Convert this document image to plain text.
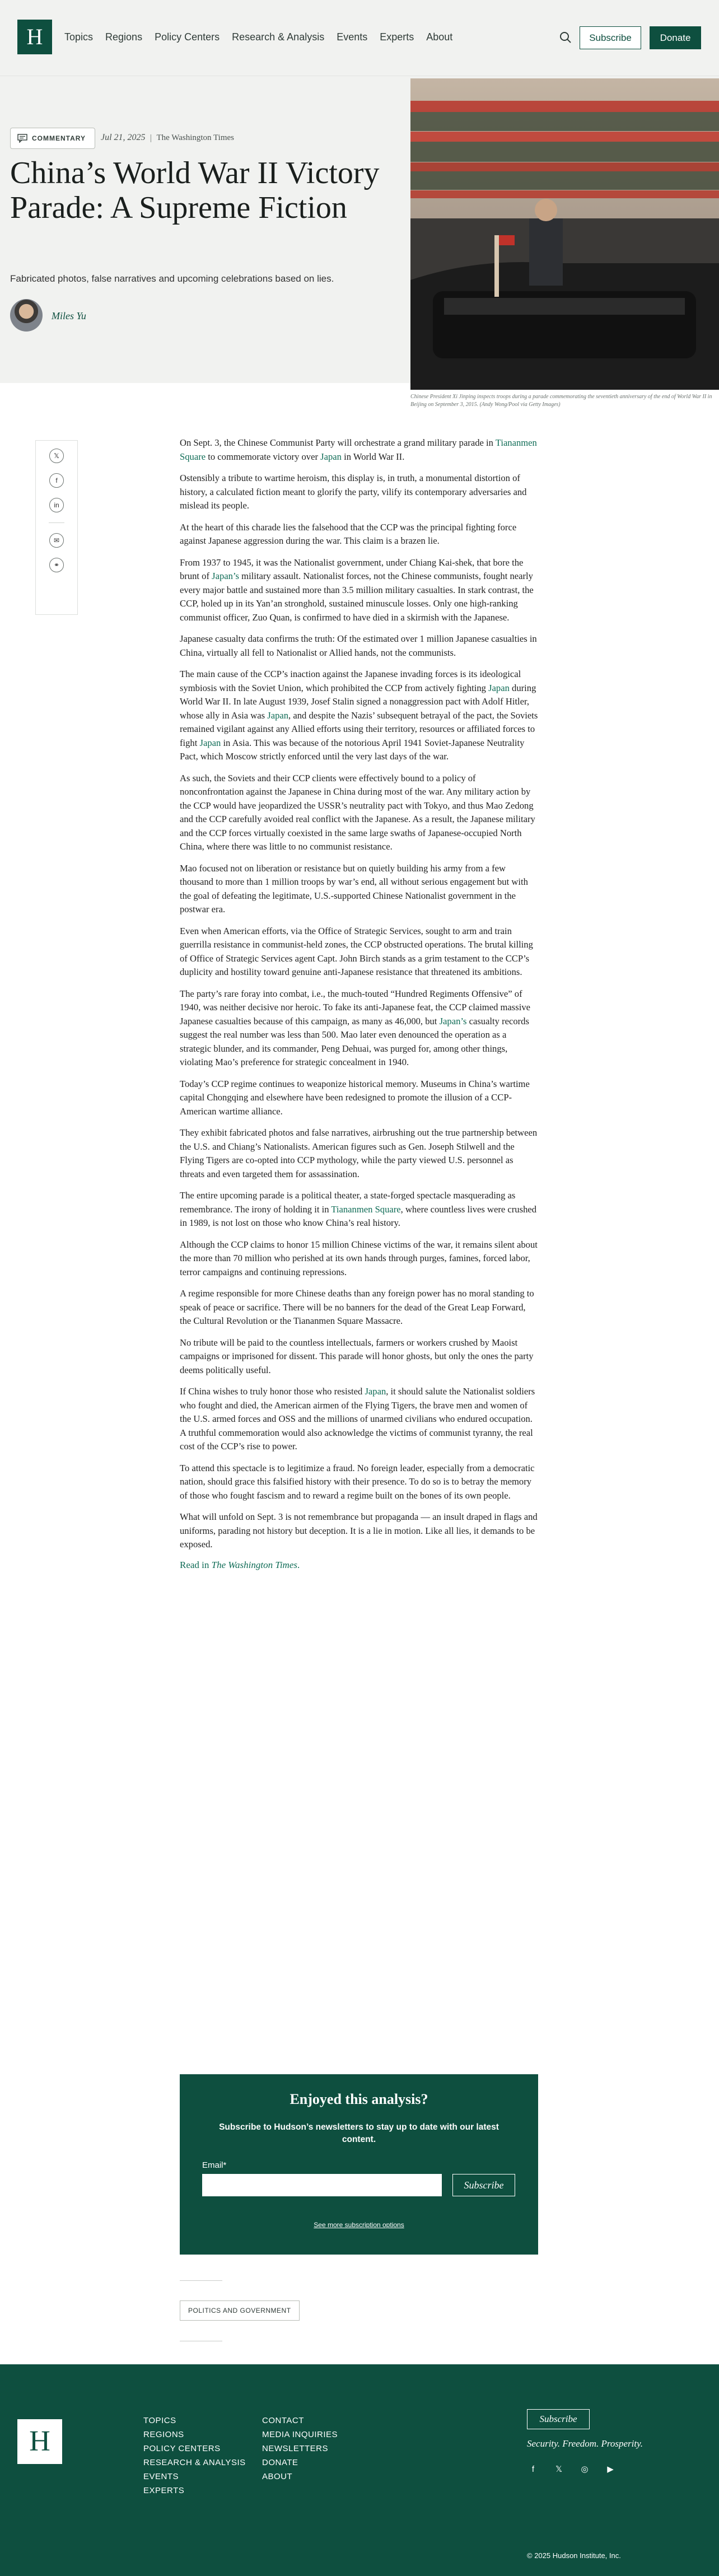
H Topics Regions Policy Centers Research & Analysis Events Experts About	Subscribe	Donate
COMMENTARY Jul 21, 2025 | The Washington Times
China’s World War II Victory Parade: A Supreme Fiction

Fabricated photos, false narratives and upcoming celebrations based on lies.

Miles Yu

Chinese President Xi Jinping inspects troops during a parade commemorating the seventieth anniversary of the end of World War II in Beijing on September 3, 2015. (Andy Wong/Pool via Getty Images)

𝕏
f
in
✉
⚭

On Sept. 3, the Chinese Communist Party will orchestrate a grand military parade in Tiananmen Square to commemorate victory over Japan in World War II.

Ostensibly a tribute to wartime heroism, this display is, in truth, a monumental distortion of history, a calculated fiction meant to glorify the party, vilify its contemporary adversaries and mislead its people.

At the heart of this charade lies the falsehood that the CCP was the principal fighting force against Japanese aggression during the war. This claim is a brazen lie.

From 1937 to 1945, it was the Nationalist government, under Chiang Kai-shek, that bore the brunt of Japan’s military assault. Nationalist forces, not the Chinese communists, fought nearly every major battle and sustained more than 3.5 million military casualties. In stark contrast, the CCP, holed up in its Yan’an stronghold, sustained minuscule losses. Only one high-ranking communist officer, Zuo Quan, is confirmed to have died in a skirmish with the Japanese.

Japanese casualty data confirms the truth: Of the estimated over 1 million Japanese casualties in China, virtually all fell to Nationalist or Allied hands, not the communists.

The main cause of the CCP’s inaction against the Japanese invading forces is its ideological symbiosis with the Soviet Union, which prohibited the CCP from actively fighting Japan during World War II. In late August 1939, Josef Stalin signed a nonaggression pact with Adolf Hitler, whose ally in Asia was Japan, and despite the Nazis’ subsequent betrayal of the pact, the Soviets remained vigilant against any Allied efforts using their territory, resources or affiliated forces to fight Japan in Asia. This was because of the notorious April 1941 Soviet-Japanese Neutrality Pact, which Moscow strictly enforced until the very last days of the war.

As such, the Soviets and their CCP clients were effectively bound to a policy of nonconfrontation against the Japanese in China during most of the war. Any military action by the CCP would have jeopardized the USSR’s neutrality pact with Tokyo, and thus Mao Zedong and the CCP carefully avoided real conflict with the Japanese. As a result, the Japanese military and the CCP forces virtually coexisted in the same large swaths of Japanese-occupied North China, where there was little to no communist resistance.

Mao focused not on liberation or resistance but on quietly building his army from a few thousand to more than 1 million troops by war’s end, all without serious engagement but with the goal of defeating the legitimate, U.S.-supported Chinese Nationalist government in the postwar era.

Even when American efforts, via the Office of Strategic Services, sought to arm and train guerrilla resistance in communist-held zones, the CCP obstructed operations. The brutal killing of Office of Strategic Services agent Capt. John Birch stands as a grim testament to the CCP’s duplicity and hostility toward genuine anti-Japanese resistance that threatened its ambitions.

The party’s rare foray into combat, i.e., the much-touted “Hundred Regiments Offensive” of 1940, was neither decisive nor heroic. To fake its anti-Japanese feat, the CCP claimed massive Japanese casualties because of this campaign, as many as 46,000, but Japan’s casualty records suggest the real number was less than 500. Mao later even denounced the operation as a strategic blunder, and its commander, Peng Dehuai, was purged for, among other things, violating Mao’s preference for strategic concealment in 1940.

Today’s CCP regime continues to weaponize historical memory. Museums in China’s wartime capital Chongqing and elsewhere have been redesigned to promote the illusion of a CCP-American wartime alliance.

They exhibit fabricated photos and false narratives, airbrushing out the true partnership between the U.S. and Chiang’s Nationalists. American figures such as Gen. Joseph Stilwell and the Flying Tigers are co-opted into CCP mythology, while the party viewed U.S. personnel as threats and even targeted them for assassination.

The entire upcoming parade is a political theater, a state-forged spectacle masquerading as remembrance. The irony of holding it in Tiananmen Square, where countless lives were crushed in 1989, is not lost on those who know China’s real history.

Although the CCP claims to honor 15 million Chinese victims of the war, it remains silent about the more than 70 million who perished at its own hands through purges, famines, forced labor, terror campaigns and continuing repressions.

A regime responsible for more Chinese deaths than any foreign power has no moral standing to speak of peace or sacrifice. There will be no banners for the dead of the Great Leap Forward, the Cultural Revolution or the Tiananmen Square Massacre.

No tribute will be paid to the countless intellectuals, farmers or workers crushed by Maoist campaigns or imprisoned for dissent. This parade will honor ghosts, but only the ones the party deems politically useful.

If China wishes to truly honor those who resisted Japan, it should salute the Nationalist soldiers who fought and died, the American airmen of the Flying Tigers, the brave men and women of the U.S. armed forces and OSS and the millions of unarmed civilians who endured occupation. A truthful commemoration would also acknowledge the victims of communist tyranny, the real cost of the CCP’s rise to power.

To attend this spectacle is to legitimize a fraud. No foreign leader, especially from a democratic nation, should grace this falsified history with their presence. To do so is to betray the memory of those who fought fascism and to reward a regime built on the bones of its own people.

What will unfold on Sept. 3 is not remembrance but propaganda — an insult draped in flags and uniforms, parading not history but deception. It is a lie in motion. Like all lies, it demands to be exposed.

Read in The Washington Times.
Enjoyed this analysis?

Subscribe to Hudson’s newsletters to stay up to date with our latest content.

Email*
Subscribe
See more subscription options
POLITICS AND GOVERNMENT
H
TOPICS
REGIONS
POLICY CENTERS
RESEARCH & ANALYSIS
EVENTS
EXPERTS
CONTACT
MEDIA INQUIRIES
NEWSLETTERS
DONATE
ABOUT
Subscribe

Security. Freedom. Prosperity.

f	𝕏	◎	▶

© 2025 Hudson Institute, Inc.
